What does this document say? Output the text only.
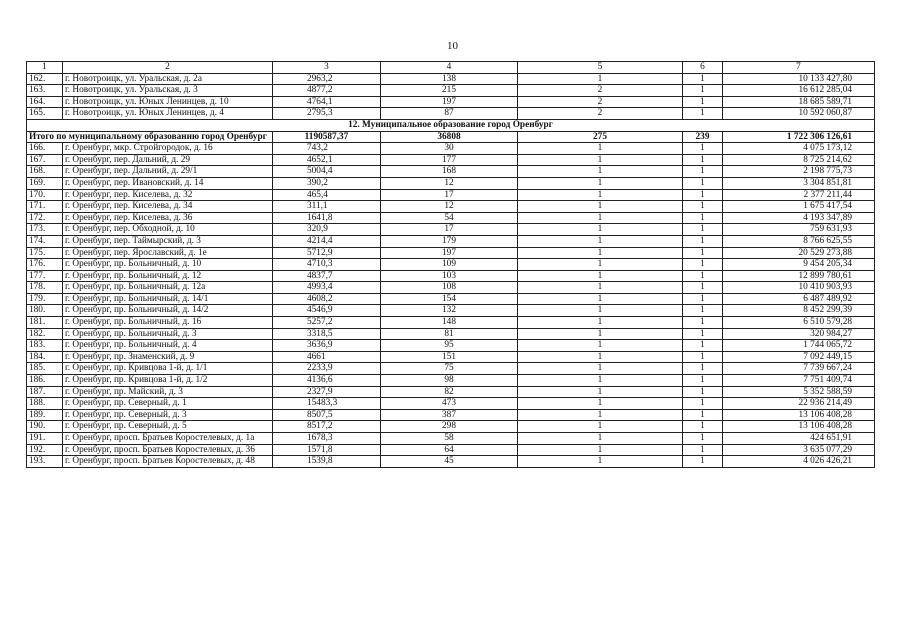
10
1	2	3	4	5	6	7
162.	г. Новотроицк, ул. Уральская, д. 2а	2963,2	138	1	1	10 133 427,80
163.	г. Новотроицк, ул. Уральская, д. 3	4877,2	215	2	1	16 612 285,04
164.	г. Новотроицк, ул. Юных Ленинцев, д. 10	4764,1	197	2	1	18 685 589,71
165.	г. Новотроицк, ул. Юных Ленинцев, д. 4	2795,3	87	2	1	10 592 060,87
12. Муниципальное образование город Оренбург						
Итого по муниципальному образованию город Оренбург		1190587,37	36808	275	239	1 722 306 126,61
166.	г. Оренбург, мкр. Стройгородок, д. 16	743,2	30	1	1	4 075 173,12
167.	г. Оренбург, пер. Дальний, д. 29	4652,1	177	1	1	8 725 214,62
168.	г. Оренбург, пер. Дальний, д. 29/1	5004,4	168	1	1	2 198 775,73
169.	г. Оренбург, пер. Ивановский, д. 14	390,2	12	1	1	3 304 851,81
170.	г. Оренбург, пер. Киселева, д. 32	465,4	17	1	1	2 377 211,44
171.	г. Оренбург, пер. Киселева, д. 34	311,1	12	1	1	1 675 417,54
172.	г. Оренбург, пер. Киселева, д. 36	1641,8	54	1	1	4 193 347,89
173.	г. Оренбург, пер. Обходной, д. 10	320,9	17	1	1	759 631,93
174.	г. Оренбург, пер. Таймырский, д. 3	4214,4	179	1	1	8 766 625,55
175.	г. Оренбург, пер. Ярославский, д. 1е	5712,9	197	1	1	20 529 273,88
176.	г. Оренбург, пр. Больничный, д. 10	4710,3	109	1	1	9 454 205,34
177.	г. Оренбург, пр. Больничный, д. 12	4837,7	103	1	1	12 899 780,61
178.	г. Оренбург, пр. Больничный, д. 12а	4993,4	108	1	1	10 410 903,93
179.	г. Оренбург, пр. Больничный, д. 14/1	4608,2	154	1	1	6 487 489,92
180.	г. Оренбург, пр. Больничный, д. 14/2	4546,9	132	1	1	8 452 299,39
181.	г. Оренбург, пр. Больничный, д. 16	5257,2	148	1	1	6 510 579,28
182.	г. Оренбург, пр. Больничный, д. 3	3318,5	81	1	1	320 984,27
183.	г. Оренбург, пр. Больничный, д. 4	3636,9	95	1	1	1 744 065,72
184.	г. Оренбург, пр. Знаменский, д. 9	4661	151	1	1	7 092 449,15
185.	г. Оренбург, пр. Кривцова 1-й, д. 1/1	2233,9	75	1	1	7 739 667,24
186.	г. Оренбург, пр. Кривцова 1-й, д. 1/2	4136,6	98	1	1	7 751 409,74
187.	г. Оренбург, пр. Майский, д. 3	2327,9	82	1	1	5 352 588,59
188.	г. Оренбург, пр. Северный, д. 1	15483,3	473	1	1	22 936 214,49
189.	г. Оренбург, пр. Северный, д. 3	8507,5	387	1	1	13 106 408,28
190.	г. Оренбург, пр. Северный, д. 5	8517,2	298	1	1	13 106 408,28
191.	г. Оренбург, просп. Братьев Коростелевых, д. 1а	1678,3	58	1	1	424 651,91
192.	г. Оренбург, просп. Братьев Коростелевых, д. 36	1571,8	64	1	1	3 635 077,29
193.	г. Оренбург, просп. Братьев Коростелевых, д. 48	1539,8	45	1	1	4 026 426,21
